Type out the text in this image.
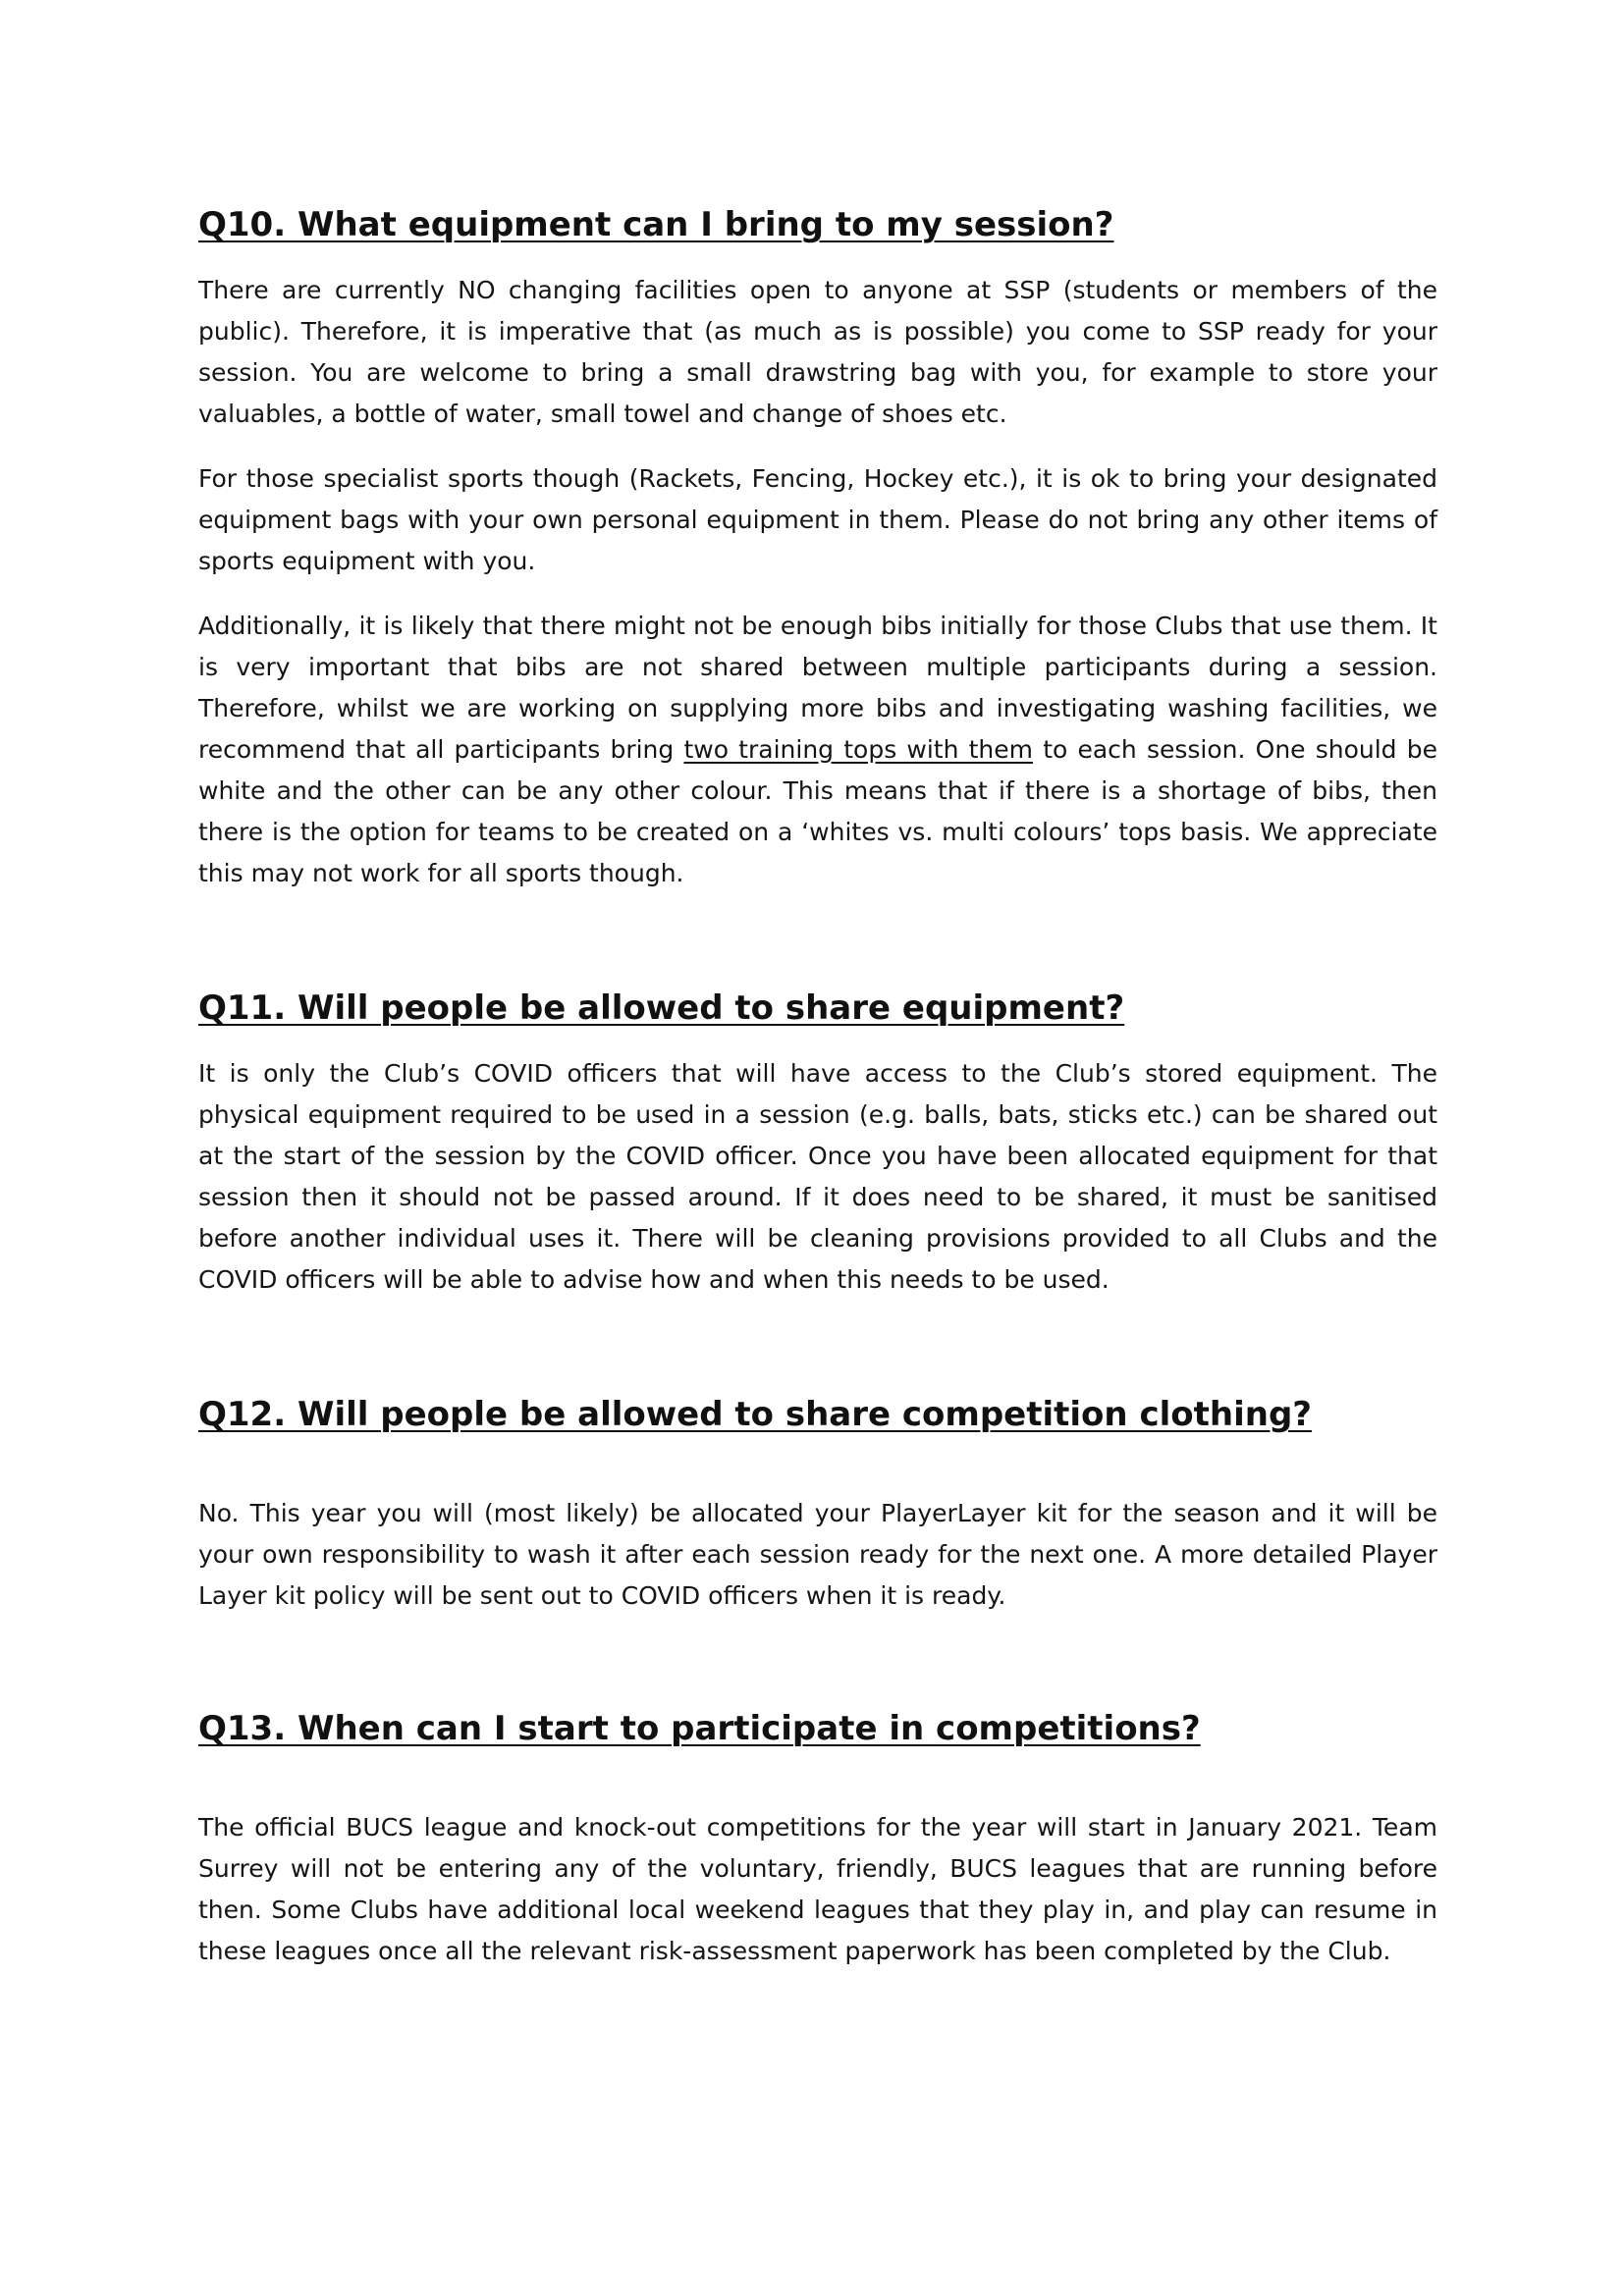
Q10. What equipment can I bring to my session?

There are currently NO changing facilities open to anyone at SSP (students or members of the public). Therefore, it is imperative that (as much as is possible) you come to SSP ready for your session. You are welcome to bring a small drawstring bag with you, for example to store your valuables, a bottle of water, small towel and change of shoes etc.

For those specialist sports though (Rackets, Fencing, Hockey etc.), it is ok to bring your designated equipment bags with your own personal equipment in them. Please do not bring any other items of sports equipment with you.

Additionally, it is likely that there might not be enough bibs initially for those Clubs that use them. It is very important that bibs are not shared between multiple participants during a session. Therefore, whilst we are working on supplying more bibs and investigating washing facilities, we recommend that all participants bring two training tops with them to each session. One should be white and the other can be any other colour. This means that if there is a shortage of bibs, then there is the option for teams to be created on a ‘whites vs. multi colours’ tops basis. We appreciate this may not work for all sports though.

Q11. Will people be allowed to share equipment?

It is only the Club’s COVID officers that will have access to the Club’s stored equipment. The physical equipment required to be used in a session (e.g. balls, bats, sticks etc.) can be shared out at the start of the session by the COVID officer. Once you have been allocated equipment for that session then it should not be passed around. If it does need to be shared, it must be sanitised before another individual uses it. There will be cleaning provisions provided to all Clubs and the COVID officers will be able to advise how and when this needs to be used.

Q12. Will people be allowed to share competition clothing?

No. This year you will (most likely) be allocated your PlayerLayer kit for the season and it will be your own responsibility to wash it after each session ready for the next one. A more detailed Player Layer kit policy will be sent out to COVID officers when it is ready.

Q13. When can I start to participate in competitions?

The official BUCS league and knock-out competitions for the year will start in January 2021. Team Surrey will not be entering any of the voluntary, friendly, BUCS leagues that are running before then. Some Clubs have additional local weekend leagues that they play in, and play can resume in these leagues once all the relevant risk-assessment paperwork has been completed by the Club.
